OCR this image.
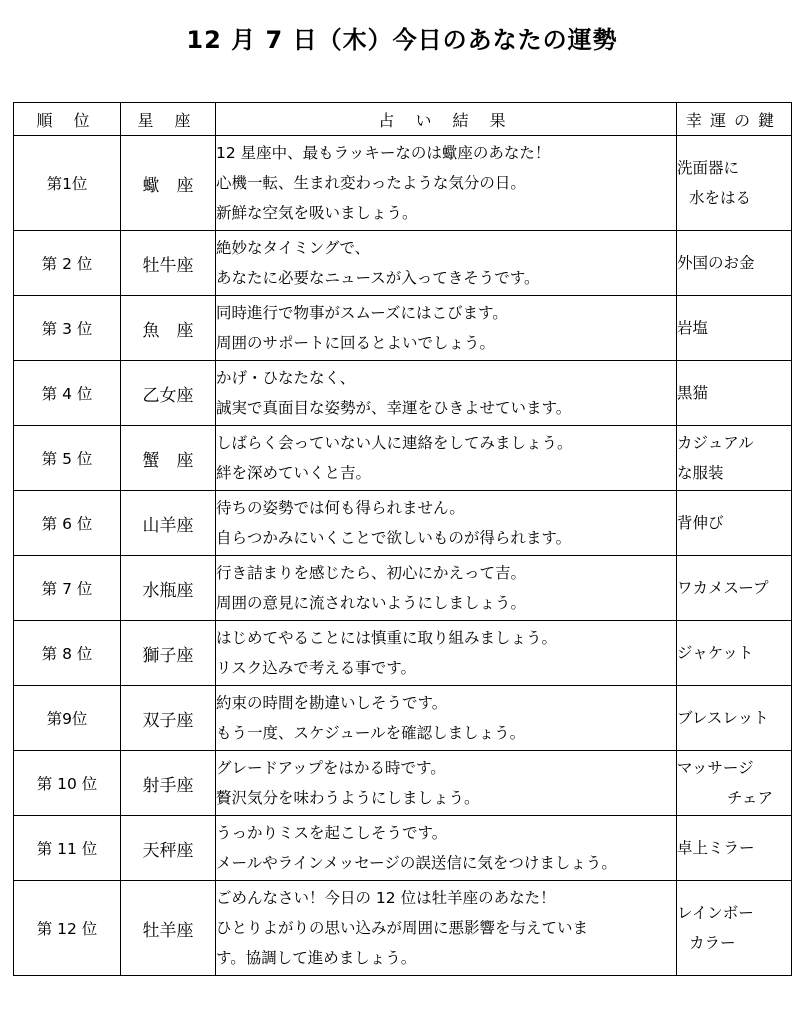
12 月 7 日（木）今日のあなたの運勢
順 位	星 座	占 い 結 果	幸運の鍵
第1位	蠍　座	12 星座中、最もラッキーなのは蠍座のあなた！
心機一転、生まれ変わったような気分の日。
新鮮な空気を吸いましょう。	洗面器に
水をはる

第 2 位	牡牛座	絶妙なタイミングで、
あなたに必要なニュースが入ってきそうです。	外国のお金

第 3 位	魚　座	同時進行で物事がスムーズにはこびます。
周囲のサポートに回るとよいでしょう。	岩塩

第 4 位	乙女座	かげ・ひなたなく、
誠実で真面目な姿勢が、幸運をひきよせています。	黒猫

第 5 位	蟹　座	しばらく会っていない人に連絡をしてみましょう。
絆を深めていくと吉。	カジュアル
な服装

第 6 位	山羊座	待ちの姿勢では何も得られません。
自らつかみにいくことで欲しいものが得られます。	背伸び

第 7 位	水瓶座	行き詰まりを感じたら、初心にかえって吉。
周囲の意見に流されないようにしましょう。	ワカメスープ

第 8 位	獅子座	はじめてやることには慎重に取り組みましょう。
リスク込みで考える事です。	ジャケット

第9位	双子座	約束の時間を勘違いしそうです。
もう一度、スケジュールを確認しましょう。	ブレスレット

第 10 位	射手座	グレードアップをはかる時です。
贅沢気分を味わうようにしましょう。	マッサージ
チェア

第 11 位	天秤座	うっかりミスを起こしそうです。
メールやラインメッセージの誤送信に気をつけましょう。	卓上ミラー

第 12 位	牡羊座	ごめんなさい！今日の 12 位は牡羊座のあなた！
ひとりよがりの思い込みが周囲に悪影響を与えていま
す。協調して進めましょう。	レインボー
カラー
